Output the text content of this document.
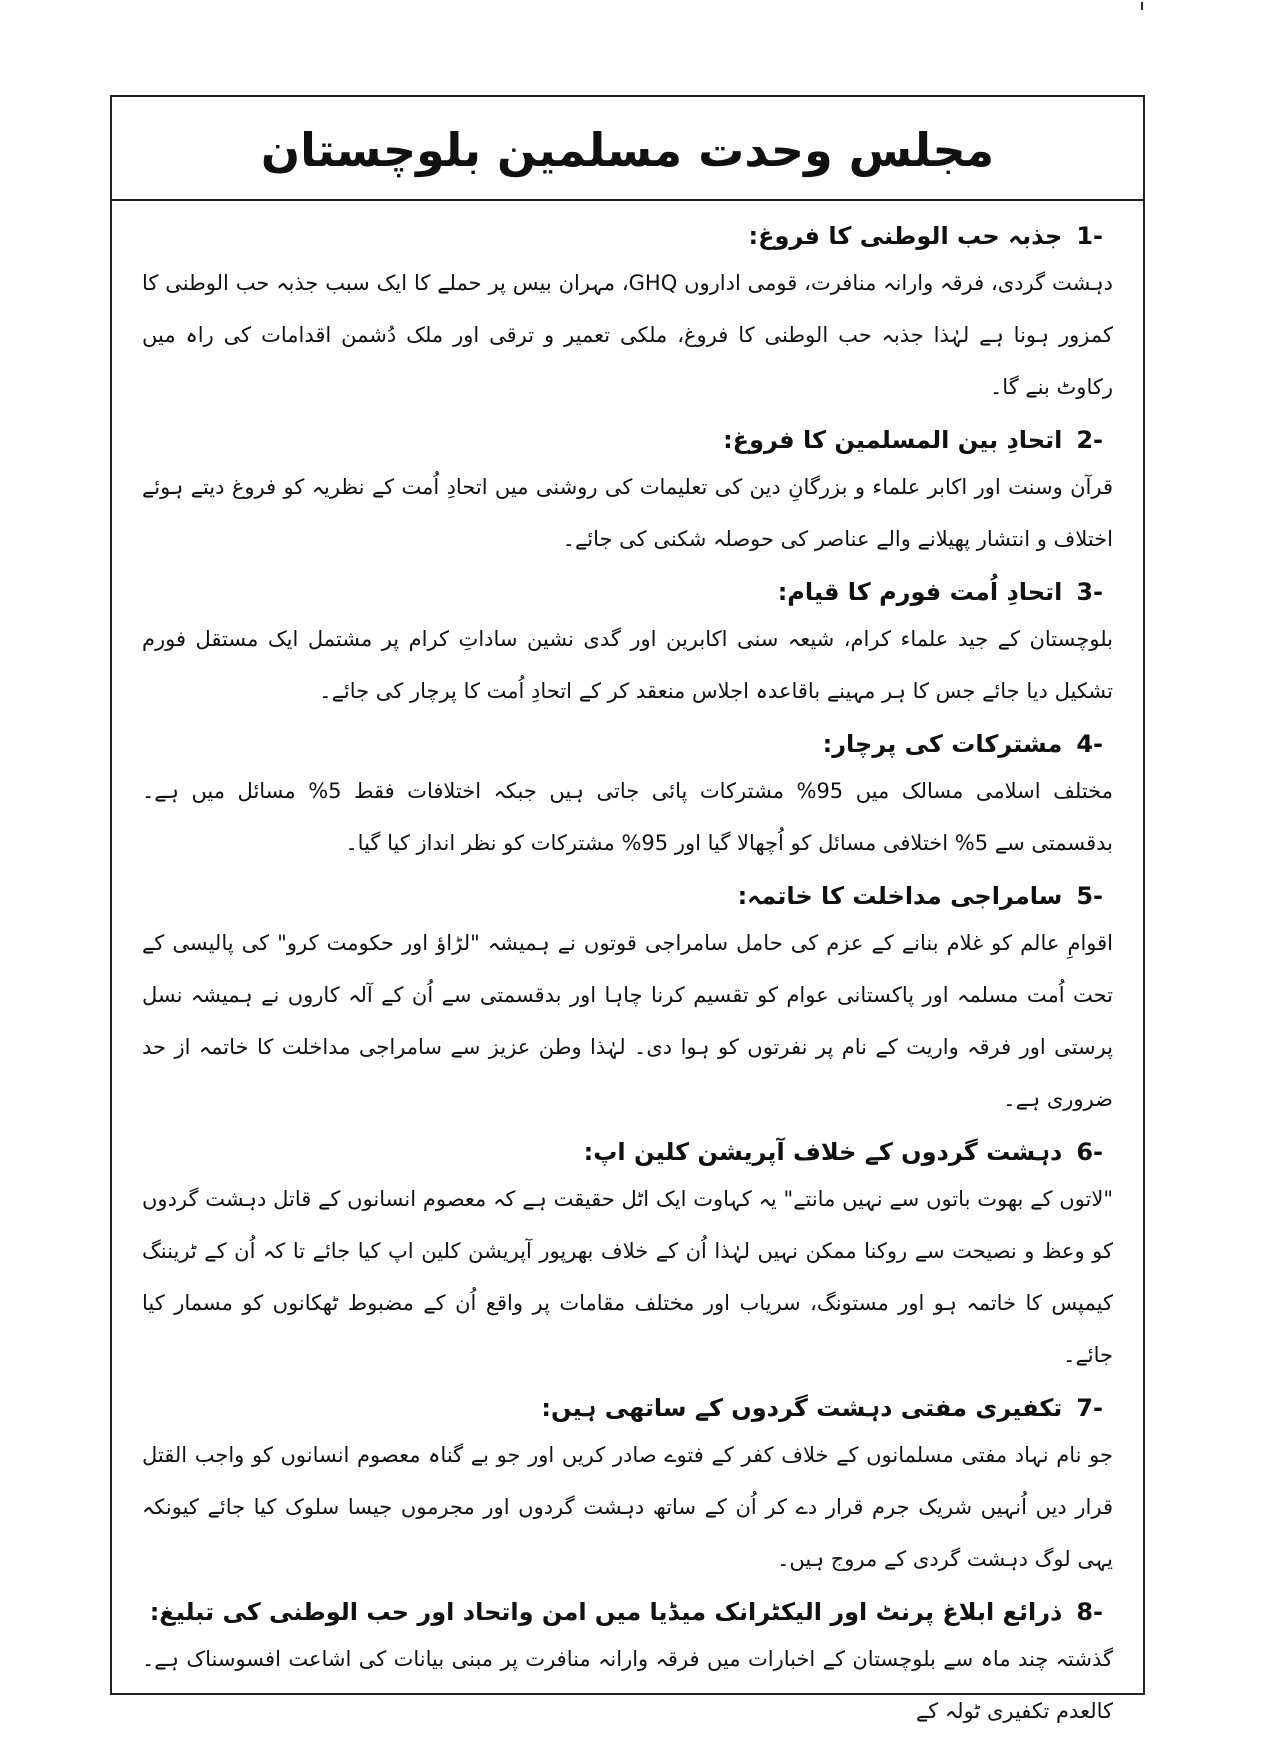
مجلس وحدت مسلمین بلوچستان
1-
جذبہ حب الوطنی کا فروغ:
دہشت گردی، فرقہ وارانہ منافرت، قومی اداروں GHQ، مہران بیس پر حملے کا ایک سبب جذبہ حب الوطنی کا کمزور ہونا ہے لہٰذا جذبہ حب الوطنی کا فروغ، ملکی تعمیر و ترقی اور ملک دُشمن اقدامات کی راہ میں رکاوٹ بنے گا۔
2-
اتحادِ بین المسلمین کا فروغ:
قرآن وسنت اور اکابر علماء و بزرگانِ دین کی تعلیمات کی روشنی میں اتحادِ اُمت کے نظریہ کو فروغ دیتے ہوئے اختلاف و انتشار پھیلانے والے عناصر کی حوصلہ شکنی کی جائے۔
3-
اتحادِ اُمت فورم کا قیام:
بلوچستان کے جید علماء کرام، شیعہ سنی اکابرین اور گدی نشین ساداتِ کرام پر مشتمل ایک مستقل فورم تشکیل دیا جائے جس کا ہر مہینے باقاعدہ اجلاس منعقد کر کے اتحادِ اُمت کا پرچار کی جائے۔
4-
مشترکات کی پرچار:
مختلف اسلامی مسالک میں 95% مشترکات پائی جاتی ہیں جبکہ اختلافات فقط 5% مسائل میں ہے۔ بدقسمتی سے 5% اختلافی مسائل کو اُچھالا گیا اور 95% مشترکات کو نظر انداز کیا گیا۔
5-
سامراجی مداخلت کا خاتمہ:
اقوامِ عالم کو غلام بنانے کے عزم کی حامل سامراجی قوتوں نے ہمیشہ "لڑاؤ اور حکومت کرو" کی پالیسی کے تحت اُمت مسلمہ اور پاکستانی عوام کو تقسیم کرنا چاہا اور بدقسمتی سے اُن کے آلہ کاروں نے ہمیشہ نسل پرستی اور فرقہ واریت کے نام پر نفرتوں کو ہوا دی۔ لہٰذا وطن عزیز سے سامراجی مداخلت کا خاتمہ از حد ضروری ہے۔
6-
دہشت گردوں کے خلاف آپریشن کلین اپ:
"لاتوں کے بھوت باتوں سے نہیں مانتے" یہ کہاوت ایک اٹل حقیقت ہے کہ معصوم انسانوں کے قاتل دہشت گردوں کو وعظ و نصیحت سے روکنا ممکن نہیں لہٰذا اُن کے خلاف بھرپور آپریشن کلین اپ کیا جائے تا کہ اُن کے ٹریننگ کیمپس کا خاتمہ ہو اور مستونگ، سریاب اور مختلف مقامات پر واقع اُن کے مضبوط ٹھکانوں کو مسمار کیا جائے۔
7-
تکفیری مفتی دہشت گردوں کے ساتھی ہیں:
جو نام نہاد مفتی مسلمانوں کے خلاف کفر کے فتوے صادر کریں اور جو بے گناہ معصوم انسانوں کو واجب القتل قرار دیں اُنہیں شریک جرم قرار دے کر اُن کے ساتھ دہشت گردوں اور مجرموں جیسا سلوک کیا جائے کیونکہ یہی لوگ دہشت گردی کے مروج ہیں۔
8-
ذرائع ابلاغ پرنٹ اور الیکٹرانک میڈیا میں امن واتحاد اور حب الوطنی کی تبلیغ:
گذشتہ چند ماہ سے بلوچستان کے اخبارات میں فرقہ وارانہ منافرت پر مبنی بیانات کی اشاعت افسوسناک ہے۔ کالعدم تکفیری ٹولہ کے
